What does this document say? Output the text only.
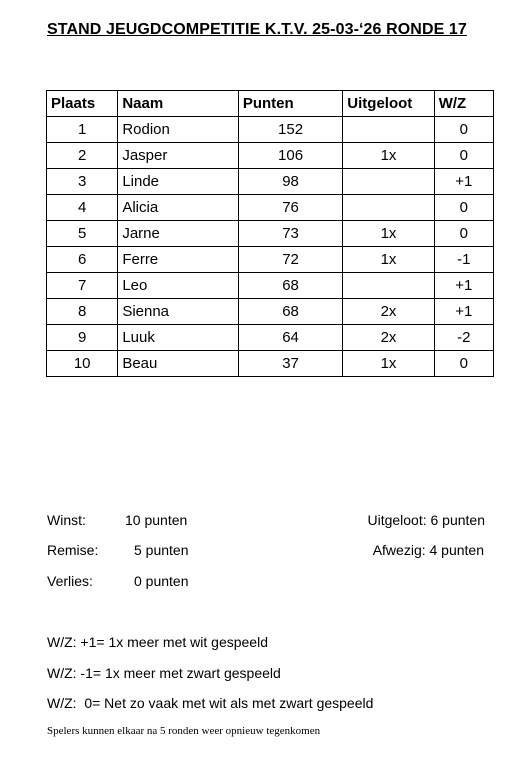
STAND JEUGDCOMPETITIE K.T.V. 25-03-‘26 RONDE 17
Plaats	Naam	Punten	Uitgeloot	W/Z
1	Rodion	152		0
2	Jasper	106	1x	0
3	Linde	98		+1
4	Alicia	76		0
5	Jarne	73	1x	0
6	Ferre	72	1x	-1
7	Leo	68		+1
8	Sienna	68	2x	+1
9	Luuk	64	2x	-2
10	Beau	37	1x	0
Winst:	10 punten
Remise:	5 punten
Verlies:	0 punten
Uitgeloot: 6 punten
Afwezig: 4 punten
W/Z: +1= 1x meer met wit gespeeld
W/Z: -1= 1x meer met zwart gespeeld
W/Z:  0= Net zo vaak met wit als met zwart gespeeld
Spelers kunnen elkaar na 5 ronden weer opnieuw tegenkomen
